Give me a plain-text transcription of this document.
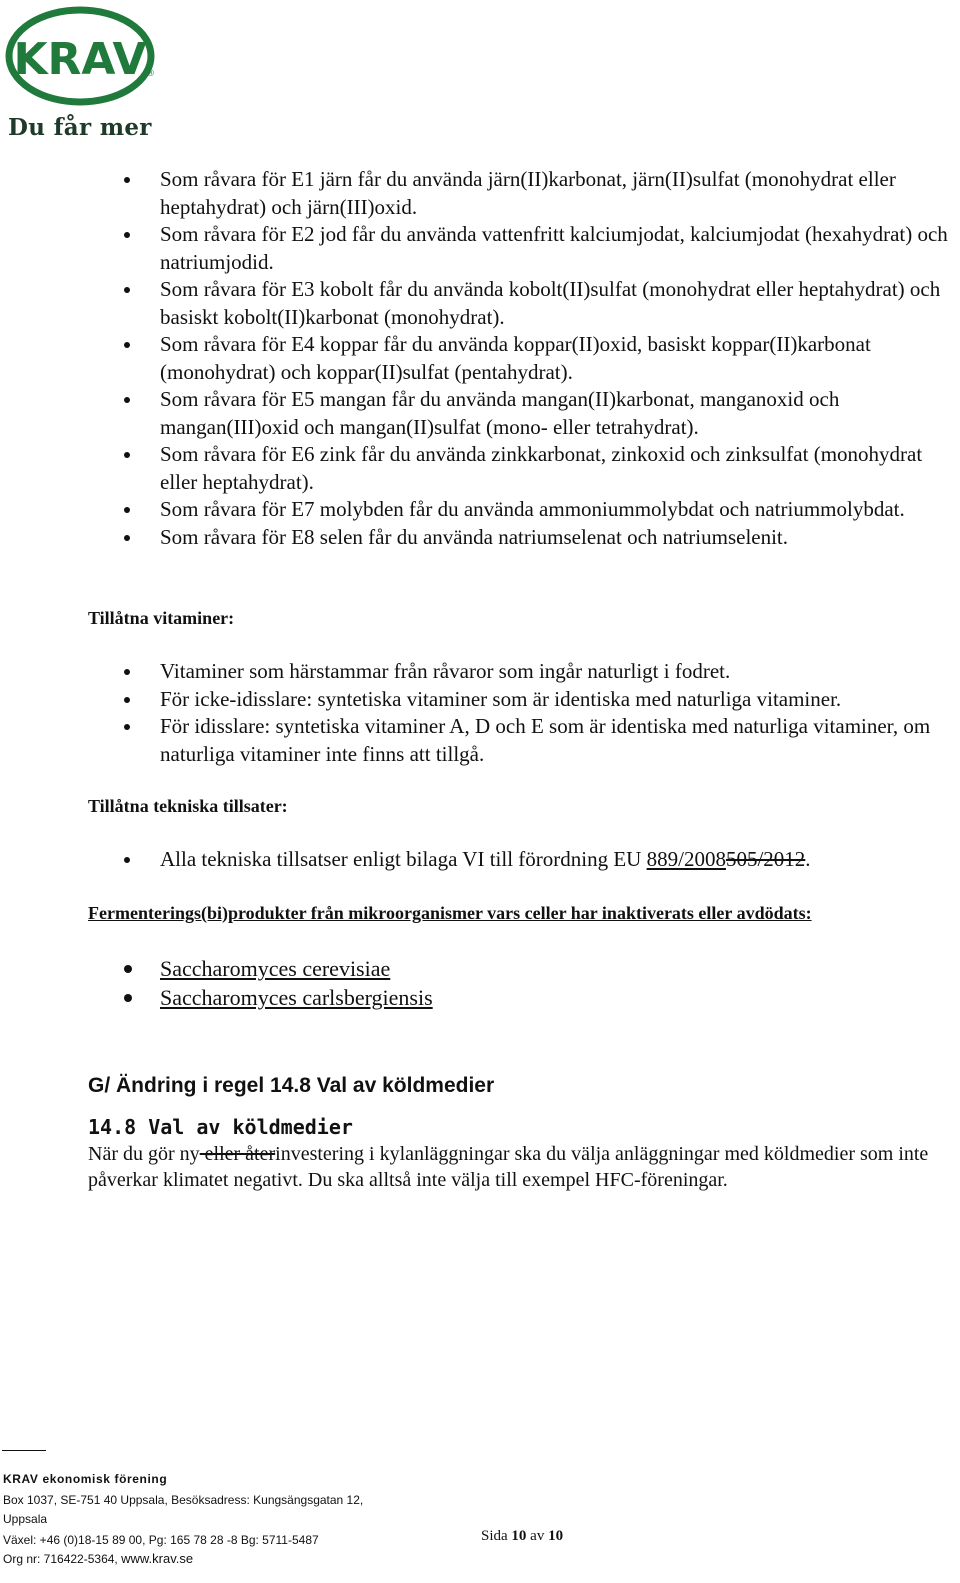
KRAV ®
Du får mer
Som råvara för E1 järn får du använda järn(II)karbonat, järn(II)sulfat (monohydrat eller heptahydrat) och järn(III)oxid.
Som råvara för E2 jod får du använda vattenfritt kalciumjodat, kalciumjodat (hexahydrat) och natriumjodid.
Som råvara för E3 kobolt får du använda kobolt(II)sulfat (monohydrat eller heptahydrat) och basiskt kobolt(II)karbonat (monohydrat).
Som råvara för E4 koppar får du använda koppar(II)oxid, basiskt koppar(II)karbonat (monohydrat) och koppar(II)sulfat (pentahydrat).
Som råvara för E5 mangan får du använda mangan(II)karbonat, manganoxid och mangan(III)oxid och mangan(II)sulfat (mono- eller tetrahydrat).
Som råvara för E6 zink får du använda zinkkarbonat, zinkoxid och zinksulfat (monohydrat eller heptahydrat).
Som råvara för E7 molybden får du använda ammoniummolybdat och natriummolybdat.
Som råvara för E8 selen får du använda natriumselenat och natriumselenit.
Tillåtna vitaminer:
Vitaminer som härstammar från råvaror som ingår naturligt i fodret.
För icke-idisslare: syntetiska vitaminer som är identiska med naturliga vitaminer.
För idisslare: syntetiska vitaminer A, D och E som är identiska med naturliga vitaminer, om naturliga vitaminer inte finns att tillgå.
Tillåtna tekniska tillsater:
Alla tekniska tillsatser enligt bilaga VI till förordning EU 889/2008505/2012.
Fermenterings(bi)produkter från mikroorganismer vars celler har inaktiverats eller avdödats:
Saccharomyces cerevisiae
Saccharomyces carlsbergiensis
G/ Ändring i regel 14.8 Val av köldmedier
14.8 Val av köldmedier
När du gör ny eller återinvestering i kylanläggningar ska du välja anläggningar med köldmedier som inte påverkar klimatet negativt. Du ska alltså inte välja till exempel HFC-föreningar.
KRAV ekonomisk förening
Box 1037, SE-751 40 Uppsala, Besöksadress: Kungsängsgatan 12,
Uppsala
Växel: +46 (0)18-15 89 00, Pg: 165 78 28 -8 Bg: 5711-5487
Org nr: 716422-5364, www.krav.se
Sida 10 av 10
